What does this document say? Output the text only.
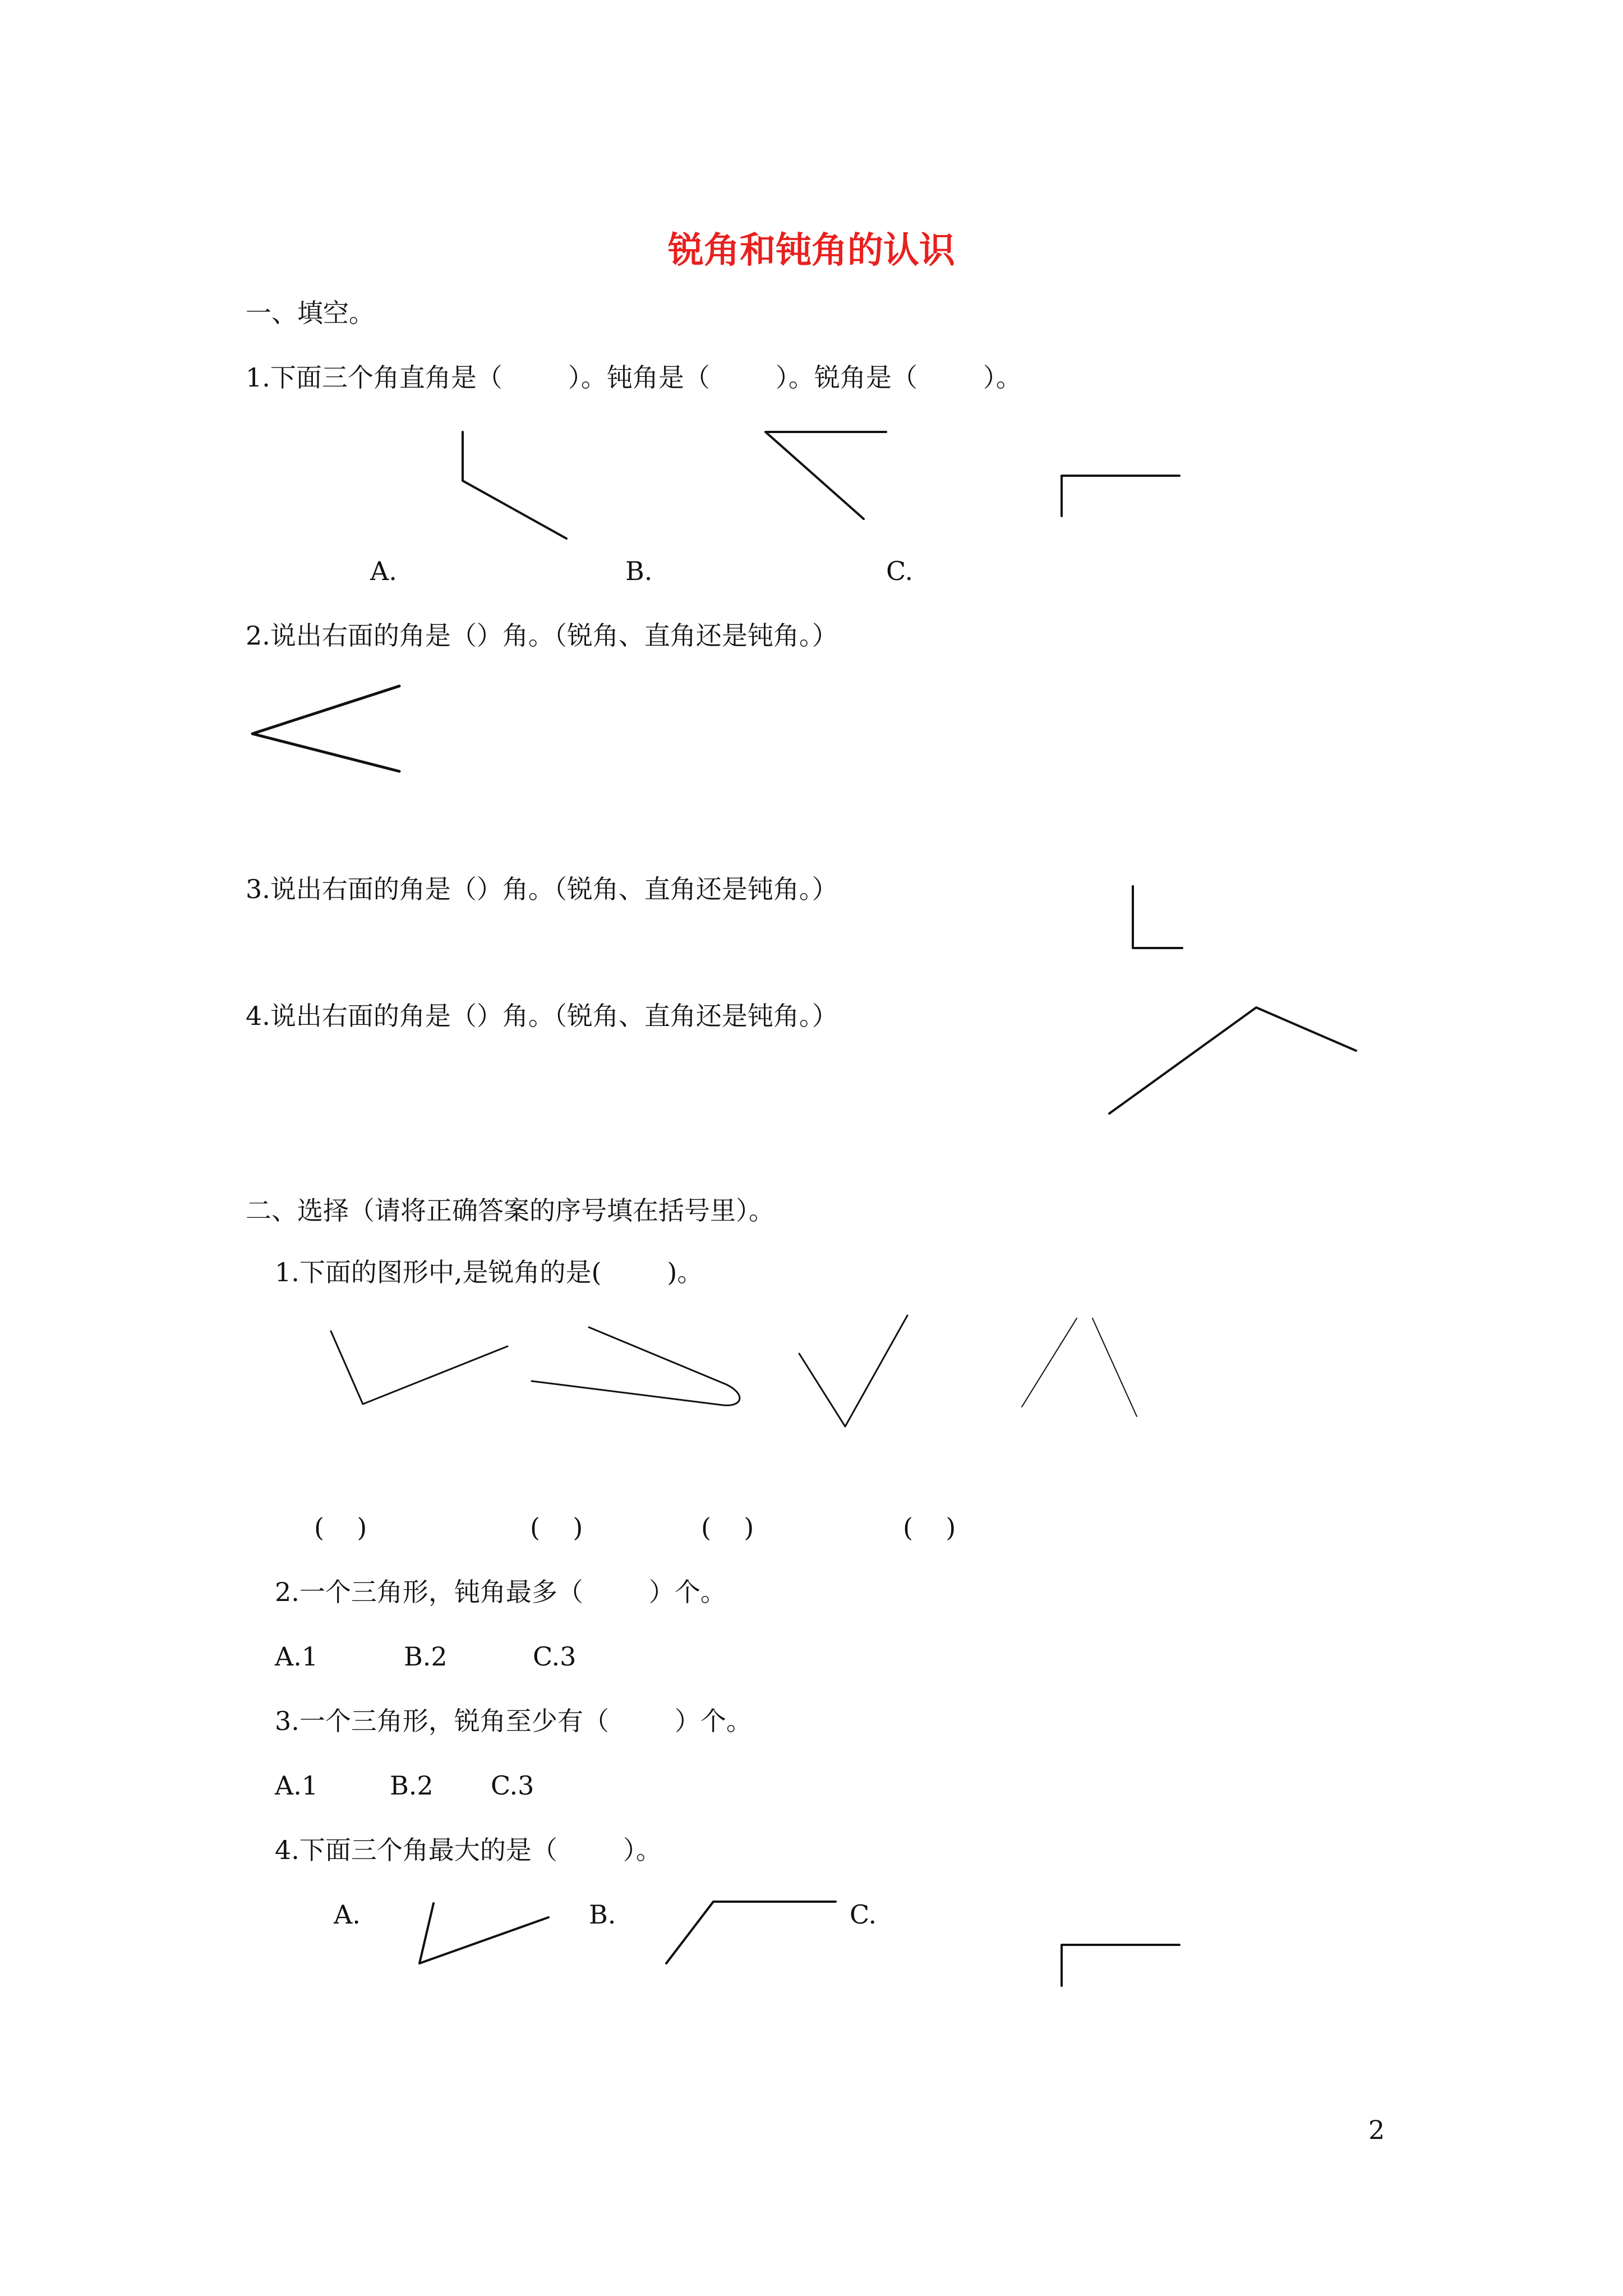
锐角和钝角的认识
一、填空。
1.下面三个角直角是（        ）。钝角是（        ）。锐角是（        ）。
A.	B.	C.
2.说出右面的角是（）角。（锐角、直角还是钝角。）
3.说出右面的角是（）角。（锐角、直角还是钝角。）
4.说出右面的角是（）角。（锐角、直角还是钝角。）
二、选择（请将正确答案的序号填在括号里）。
1.下面的图形中,是锐角的是(        )。
(    )	(    )	(    )	(    )
2.一个三角形，钝角最多（        ）个。
A.1	B.2	C.3
3.一个三角形，锐角至少有（        ）个。
A.1	B.2 C.3
4.下面三个角最大的是（        ）。
A.	B.	C.
2
